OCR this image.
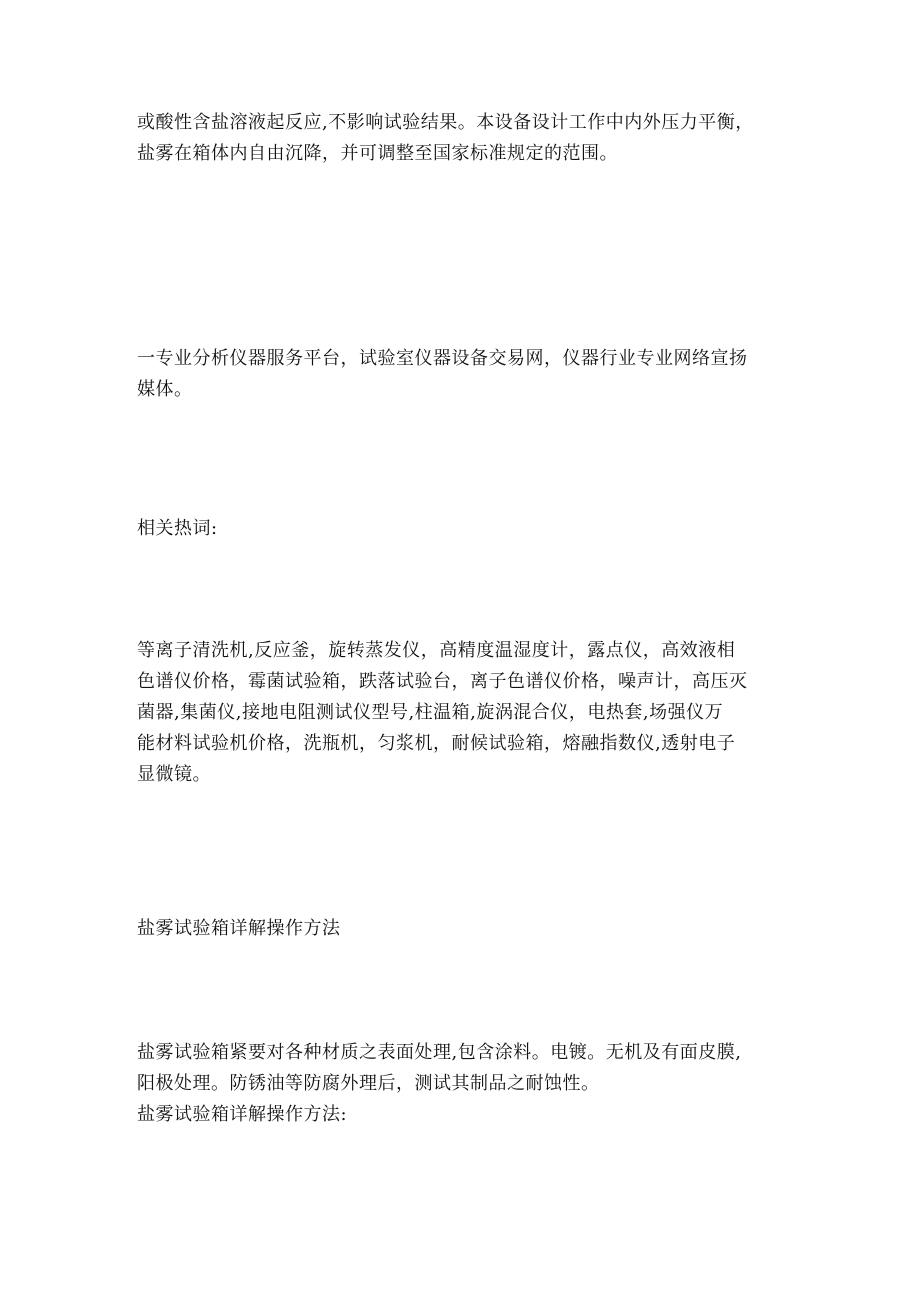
或酸性含盐溶液起反应,不影响试验结果。本设备设计工作中内外压力平衡，
盐雾在箱体内自由沉降，并可调整至国家标准规定的范围。

一专业分析仪器服务平台，试验室仪器设备交易网，仪器行业专业网络宣扬
媒体。

相关热词:

等离子清洗机,反应釜，旋转蒸发仪，高精度温湿度计，露点仪，高效液相
色谱仪价格，霉菌试验箱，跌落试验台，离子色谱仪价格，噪声计，高压灭
菌器,集菌仪,接地电阻测试仪型号,柱温箱,旋涡混合仪，电热套,场强仪万
能材料试验机价格，洗瓶机，匀浆机，耐候试验箱，熔融指数仪,透射电子
显微镜。

盐雾试验箱详解操作方法

盐雾试验箱紧要对各种材质之表面处理,包含涂料。电镀。无机及有面皮膜,
阳极处理。防锈油等防腐外理后，测试其制品之耐蚀性。
盐雾试验箱详解操作方法:
